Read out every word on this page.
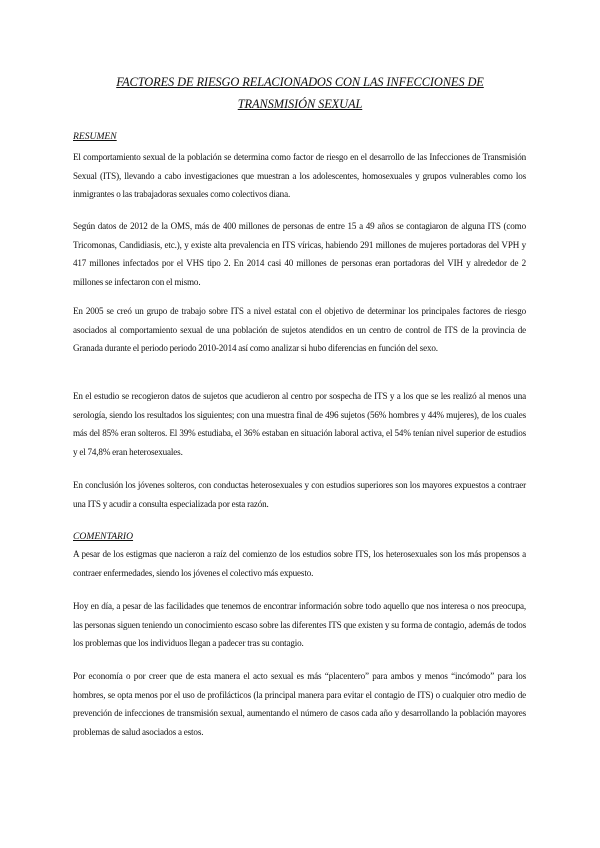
FACTORES DE RIESGO RELACIONADOS CON LAS INFECCIONES DE TRANSMISIÓN SEXUAL
RESUMEN

El comportamiento sexual de la población se determina como factor de riesgo en el desarrollo de las Infecciones de Transmisión Sexual (ITS), llevando a cabo investigaciones que muestran a los adolescentes, homosexuales y grupos vulnerables como los inmigrantes o las trabajadoras sexuales como colectivos diana.

Según datos de 2012 de la OMS, más de 400 millones de personas de entre 15 a 49 años se contagiaron de alguna ITS (como Tricomonas, Candidiasis, etc.), y existe alta prevalencia en ITS víricas, habiendo 291 millones de mujeres portadoras del VPH y 417 millones infectados por el VHS tipo 2. En 2014 casi 40 millones de personas eran portadoras del VIH y alrededor de 2 millones se infectaron con el mismo.

En 2005 se creó un grupo de trabajo sobre ITS a nivel estatal con el objetivo de determinar los principales factores de riesgo asociados al comportamiento sexual de una población de sujetos atendidos en un centro de control de ITS de la provincia de Granada durante el periodo periodo 2010-2014 así como analizar si hubo diferencias en función del sexo.

En el estudio se recogieron datos de sujetos que acudieron al centro por sospecha de ITS y a los que se les realizó al menos una serología, siendo los resultados los siguientes; con una muestra final de 496 sujetos (56% hombres y 44% mujeres), de los cuales más del 85% eran solteros. El 39% estudiaba, el 36% estaban en situación laboral activa, el 54% tenían nivel superior de estudios y el 74,8% eran heterosexuales.

En conclusión los jóvenes solteros, con conductas heterosexuales y con estudios superiores son los mayores expuestos a contraer una ITS y acudir a consulta especializada por esta razón.

COMENTARIO

A pesar de los estigmas que nacieron a raíz del comienzo de los estudios sobre ITS, los heterosexuales son los más propensos a contraer enfermedades, siendo los jóvenes el colectivo más expuesto.

Hoy en día, a pesar de las facilidades que tenemos de encontrar información sobre todo aquello que nos interesa o nos preocupa, las personas siguen teniendo un conocimiento escaso sobre las diferentes ITS que existen y su forma de contagio, además de todos los problemas que los individuos llegan a padecer tras su contagio.

Por economía o por creer que de esta manera el acto sexual es más “placentero” para ambos y menos “incómodo” para los hombres, se opta menos por el uso de profilácticos (la principal manera para evitar el contagio de ITS) o cualquier otro medio de prevención de infecciones de transmisión sexual, aumentando el número de casos cada año y desarrollando la población mayores problemas de salud asociados a estos.
